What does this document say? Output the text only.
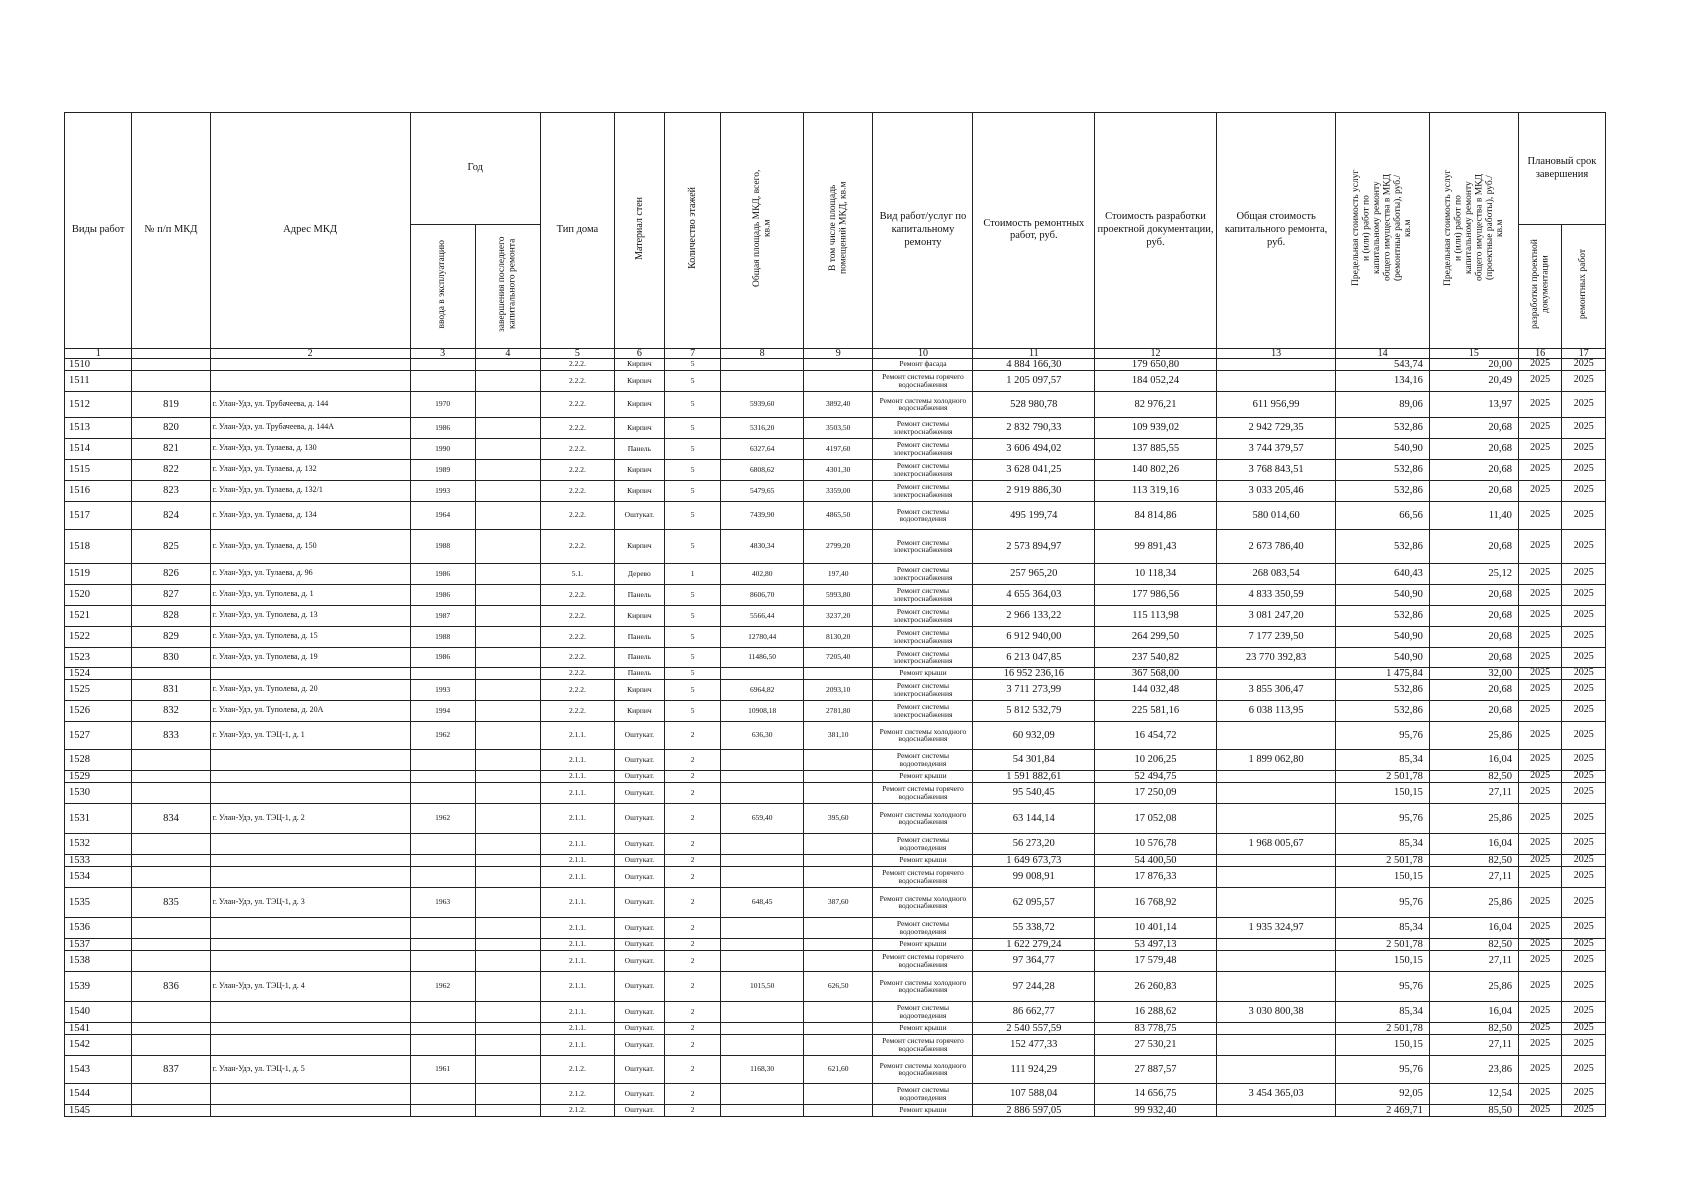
Виды работ	№ п/п МКД	Адрес МКД	Год		Тип дома	Материал стен	Количество этажей	Общая площадь МКД, всего, кв.м	В том числе площадь помещений МКД, кв.м	Вид работ/услуг по капитальному ремонту	Стоимость ремонтных работ, руб.	Стоимость разработки проектной документации, руб.	Общая стоимость капитального ремонта, руб.	Предельная стоимость услуг и (или) работ по капитальному ремонту общего имущества в МКД (ремонтные работы), руб./кв.м	Предельная стоимость услуг и (или) работ по капитальному ремонту общего имущества в МКД (проектные работы), руб./кв.м	Плановый срок завершения	
			ввода в эксплуатацию	завершения последнего капитального ремонта												разработки проектной документации	ремонтных работ
1		2	3	4	5	6	7	8	9	10	11	12	13	14	15	16	17
1510					2.2.2.	Кирпич	5			Ремонт фасада	4 884 166,30	179 650,80		543,74	20,00	2025	2025
1511					2.2.2.	Кирпич	5			Ремонт системы горячего водоснабжения	1 205 097,57	184 052,24		134,16	20,49	2025	2025
1512	819	г. Улан-Удэ, ул. Трубачеева, д. 144	1970		2.2.2.	Кирпич	5	5939,60	3892,40	Ремонт системы холодного водоснабжения	528 980,78	82 976,21	611 956,99	89,06	13,97	2025	2025
1513	820	г. Улан-Удэ, ул. Трубачеева, д. 144А	1986		2.2.2.	Кирпич	5	5316,20	3503,50	Ремонт системы электроснабжения	2 832 790,33	109 939,02	2 942 729,35	532,86	20,68	2025	2025
1514	821	г. Улан-Удэ, ул. Тулаева, д. 130	1990		2.2.2.	Панель	5	6327,64	4197,60	Ремонт системы электроснабжения	3 606 494,02	137 885,55	3 744 379,57	540,90	20,68	2025	2025
1515	822	г. Улан-Удэ, ул. Тулаева, д. 132	1989		2.2.2.	Кирпич	5	6808,62	4301,30	Ремонт системы электроснабжения	3 628 041,25	140 802,26	3 768 843,51	532,86	20,68	2025	2025
1516	823	г. Улан-Удэ, ул. Тулаева, д. 132/1	1993		2.2.2.	Кирпич	5	5479,65	3359,00	Ремонт системы электроснабжения	2 919 886,30	113 319,16	3 033 205,46	532,86	20,68	2025	2025
1517	824	г. Улан-Удэ, ул. Тулаева, д. 134	1964		2.2.2.	Оштукат.	5	7439,90	4865,50	Ремонт системы водоотведения	495 199,74	84 814,86	580 014,60	66,56	11,40	2025	2025
1518	825	г. Улан-Удэ, ул. Тулаева, д. 150	1988		2.2.2.	Кирпич	5	4830,34	2799,20	Ремонт системы электроснабжения	2 573 894,97	99 891,43	2 673 786,40	532,86	20,68	2025	2025
1519	826	г. Улан-Удэ, ул. Тулаева, д. 96	1986		5.1.	Дерево	1	402,80	197,40	Ремонт системы электроснабжения	257 965,20	10 118,34	268 083,54	640,43	25,12	2025	2025
1520	827	г. Улан-Удэ, ул. Туполева, д. 1	1986		2.2.2.	Панель	5	8606,70	5993,80	Ремонт системы электроснабжения	4 655 364,03	177 986,56	4 833 350,59	540,90	20,68	2025	2025
1521	828	г. Улан-Удэ, ул. Туполева, д. 13	1987		2.2.2.	Кирпич	5	5566,44	3237,20	Ремонт системы электроснабжения	2 966 133,22	115 113,98	3 081 247,20	532,86	20,68	2025	2025
1522	829	г. Улан-Удэ, ул. Туполева, д. 15	1988		2.2.2.	Панель	5	12780,44	8130,20	Ремонт системы электроснабжения	6 912 940,00	264 299,50	7 177 239,50	540,90	20,68	2025	2025
1523	830	г. Улан-Удэ, ул. Туполева, д. 19	1986		2.2.2.	Панель	5	11486,50	7205,40	Ремонт системы электроснабжения	6 213 047,85	237 540,82	23 770 392,83	540,90	20,68	2025	2025
1524					2.2.2.	Панель	5			Ремонт крыши	16 952 236,16	367 568,00		1 475,84	32,00	2025	2025
1525	831	г. Улан-Удэ, ул. Туполева, д. 20	1993		2.2.2.	Кирпич	5	6964,82	2093,10	Ремонт системы электроснабжения	3 711 273,99	144 032,48	3 855 306,47	532,86	20,68	2025	2025
1526	832	г. Улан-Удэ, ул. Туполева, д. 20А	1994		2.2.2.	Кирпич	5	10908,18	2781,80	Ремонт системы электроснабжения	5 812 532,79	225 581,16	6 038 113,95	532,86	20,68	2025	2025
1527	833	г. Улан-Удэ, ул. ТЭЦ-1, д. 1	1962		2.1.1.	Оштукат.	2	636,30	381,10	Ремонт системы холодного водоснабжения	60 932,09	16 454,72		95,76	25,86	2025	2025
1528					2.1.1.	Оштукат.	2			Ремонт системы водоотведения	54 301,84	10 206,25	1 899 062,80	85,34	16,04	2025	2025
1529					2.1.1.	Оштукат.	2			Ремонт крыши	1 591 882,61	52 494,75		2 501,78	82,50	2025	2025
1530					2.1.1.	Оштукат.	2			Ремонт системы горячего водоснабжения	95 540,45	17 250,09		150,15	27,11	2025	2025
1531	834	г. Улан-Удэ, ул. ТЭЦ-1, д. 2	1962		2.1.1.	Оштукат.	2	659,40	395,60	Ремонт системы холодного водоснабжения	63 144,14	17 052,08		95,76	25,86	2025	2025
1532					2.1.1.	Оштукат.	2			Ремонт системы водоотведения	56 273,20	10 576,78	1 968 005,67	85,34	16,04	2025	2025
1533					2.1.1.	Оштукат.	2			Ремонт крыши	1 649 673,73	54 400,50		2 501,78	82,50	2025	2025
1534					2.1.1.	Оштукат.	2			Ремонт системы горячего водоснабжения	99 008,91	17 876,33		150,15	27,11	2025	2025
1535	835	г. Улан-Удэ, ул. ТЭЦ-1, д. 3	1963		2.1.1.	Оштукат.	2	648,45	387,60	Ремонт системы холодного водоснабжения	62 095,57	16 768,92		95,76	25,86	2025	2025
1536					2.1.1.	Оштукат.	2			Ремонт системы водоотведения	55 338,72	10 401,14	1 935 324,97	85,34	16,04	2025	2025
1537					2.1.1.	Оштукат.	2			Ремонт крыши	1 622 279,24	53 497,13		2 501,78	82,50	2025	2025
1538					2.1.1.	Оштукат.	2			Ремонт системы горячего водоснабжения	97 364,77	17 579,48		150,15	27,11	2025	2025
1539	836	г. Улан-Удэ, ул. ТЭЦ-1, д. 4	1962		2.1.1.	Оштукат.	2	1015,50	626,50	Ремонт системы холодного водоснабжения	97 244,28	26 260,83		95,76	25,86	2025	2025
1540					2.1.1.	Оштукат.	2			Ремонт системы водоотведения	86 662,77	16 288,62	3 030 800,38	85,34	16,04	2025	2025
1541					2.1.1.	Оштукат.	2			Ремонт крыши	2 540 557,59	83 778,75		2 501,78	82,50	2025	2025
1542					2.1.1.	Оштукат.	2			Ремонт системы горячего водоснабжения	152 477,33	27 530,21		150,15	27,11	2025	2025
1543	837	г. Улан-Удэ, ул. ТЭЦ-1, д. 5	1961		2.1.2.	Оштукат.	2	1168,30	621,60	Ремонт системы холодного водоснабжения	111 924,29	27 887,57		95,76	23,86	2025	2025
1544					2.1.2.	Оштукат.	2			Ремонт системы водоотведения	107 588,04	14 656,75	3 454 365,03	92,05	12,54	2025	2025
1545					2.1.2.	Оштукат.	2			Ремонт крыши	2 886 597,05	99 932,40		2 469,71	85,50	2025	2025
